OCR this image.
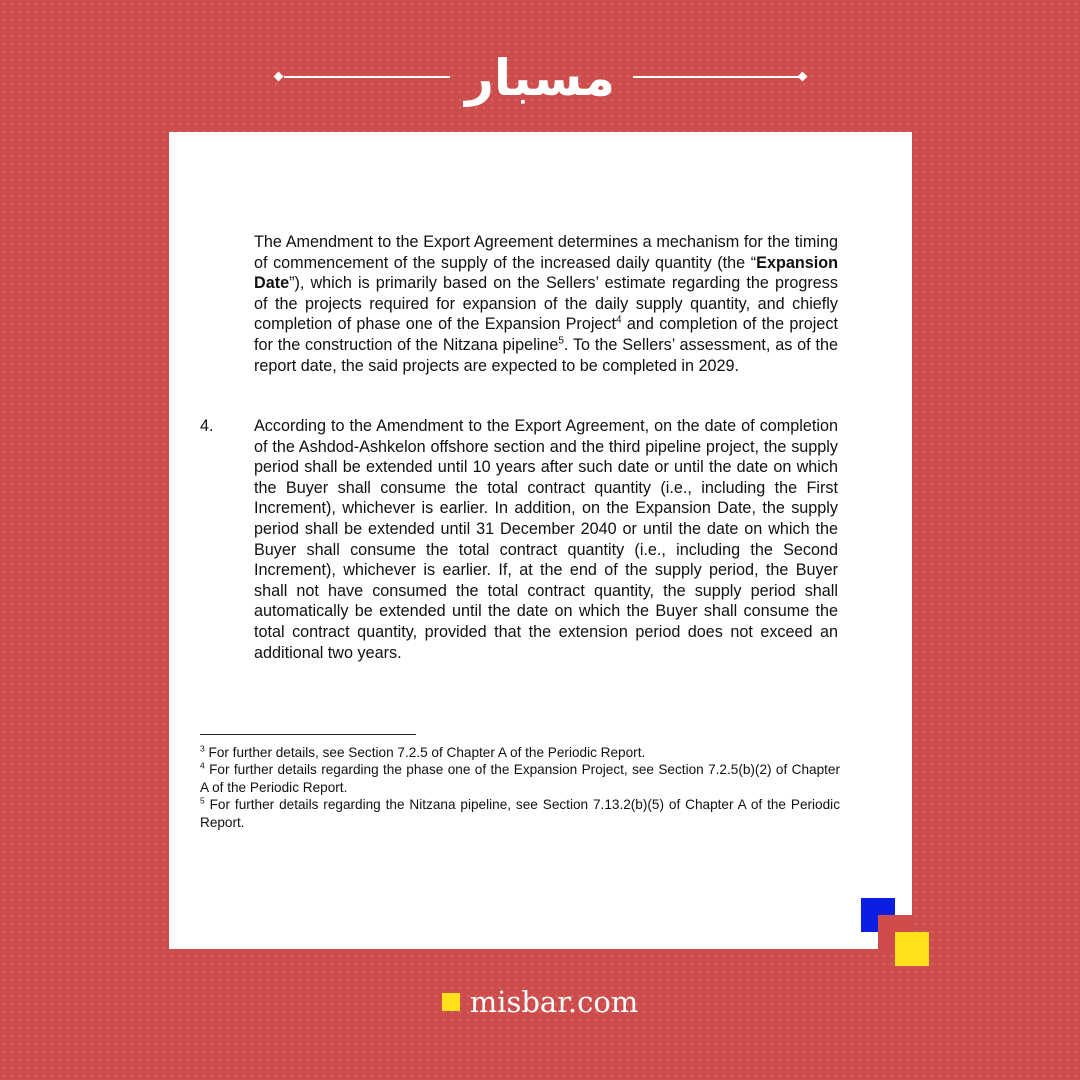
مسبار
The Amendment to the Export Agreement determines a mechanism for the timing of commencement of the supply of the increased daily quantity (the “Expansion Date”), which is primarily based on the Sellers’ estimate regarding the progress of the projects required for expansion of the daily supply quantity, and chiefly completion of phase one of the Expansion Project$^4$ and completion of the project for the construction of the Nitzana pipeline$^5$. To the Sellers’ assessment, as of the report date, the said projects are expected to be completed in 2029.
4. According to the Amendment to the Export Agreement, on the date of completion of the Ashdod-Ashkelon offshore section and the third pipeline project, the supply period shall be extended until 10 years after such date or until the date on which the Buyer shall consume the total contract quantity (i.e., including the First Increment), whichever is earlier. In addition, on the Expansion Date, the supply period shall be extended until 31 December 2040 or until the date on which the Buyer shall consume the total contract quantity (i.e., including the Second Increment), whichever is earlier. If, at the end of the supply period, the Buyer shall not have consumed the total contract quantity, the supply period shall automatically be extended until the date on which the Buyer shall consume the total contract quantity, provided that the extension period does not exceed an additional two years.

$^3$ For further details, see Section 7.2.5 of Chapter A of the Periodic Report.

$^4$ For further details regarding the phase one of the Expansion Project, see Section 7.2.5(b)(2) of Chapter A of the Periodic Report.

$^5$ For further details regarding the Nitzana pipeline, see Section 7.13.2(b)(5) of Chapter A of the Periodic Report.

misbar.com
